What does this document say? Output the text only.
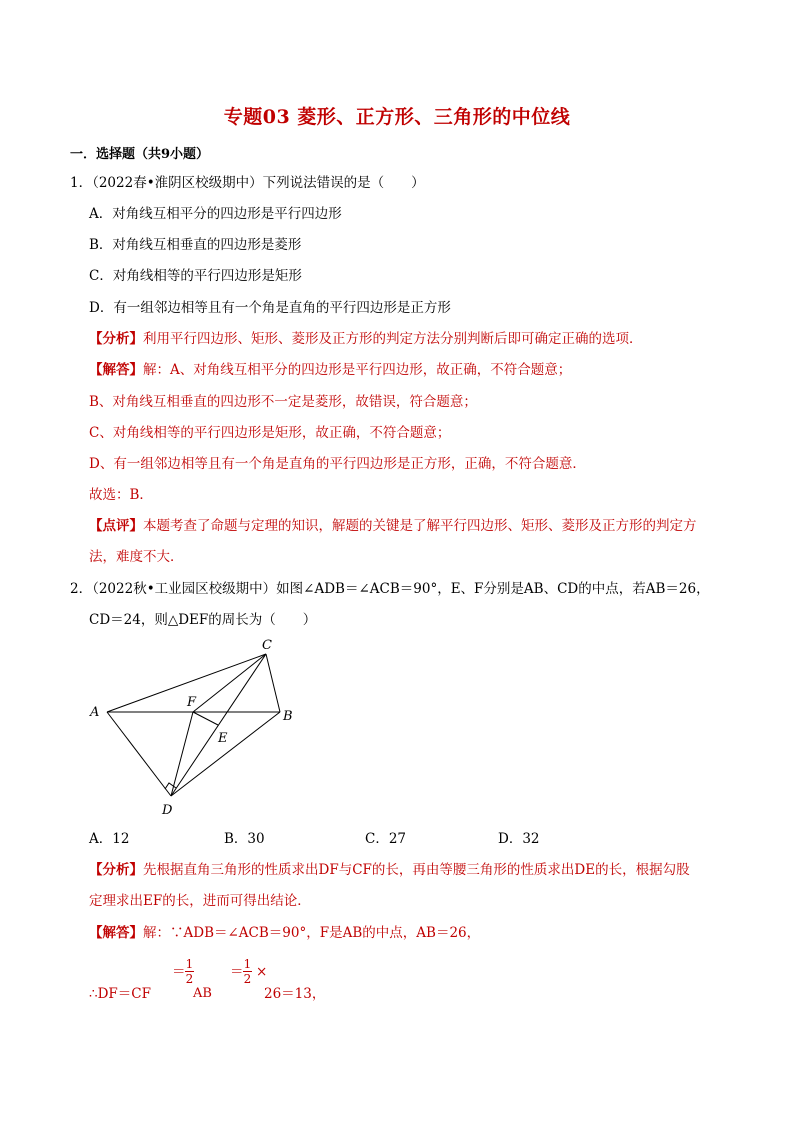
专题03 菱形、正方形、三角形的中位线
一．选择题（共9小题）
1．（2022春•淮阴区校级期中）下列说法错误的是（　　）
A．对角线互相平分的四边形是平行四边形
B．对角线互相垂直的四边形是菱形
C．对角线相等的平行四边形是矩形
D．有一组邻边相等且有一个角是直角的平行四边形是正方形
【分析】利用平行四边形、矩形、菱形及正方形的判定方法分别判断后即可确定正确的选项．
【解答】解：A、对角线互相平分的四边形是平行四边形，故正确，不符合题意；
B、对角线互相垂直的四边形不一定是菱形，故错误，符合题意；
C、对角线相等的平行四边形是矩形，故正确，不符合题意；
D、有一组邻边相等且有一个角是直角的平行四边形是正方形，正确，不符合题意．
故选：B．
【点评】本题考查了命题与定理的知识，解题的关键是了解平行四边形、矩形、菱形及正方形的判定方
法，难度不大．
2．（2022秋•工业园区校级期中）如图∠ADB＝∠ACB＝90°，E、F分别是AB、CD的中点，若AB＝26，
CD＝24，则△DEF的周长为（　　）
A	B
C
D
E
F
A．12	B．30	C．27	D．32
【分析】先根据直角三角形的性质求出DF与CF的长，再由等腰三角形的性质求出DE的长，根据勾股
定理求出EF的长，进而可得出结论．
【解答】解：∵ADB＝∠ACB＝90°，F是AB的中点，AB＝26，
∴DF＝CF
＝ 1
2
AB
＝ 1
2 ×
26＝13，
